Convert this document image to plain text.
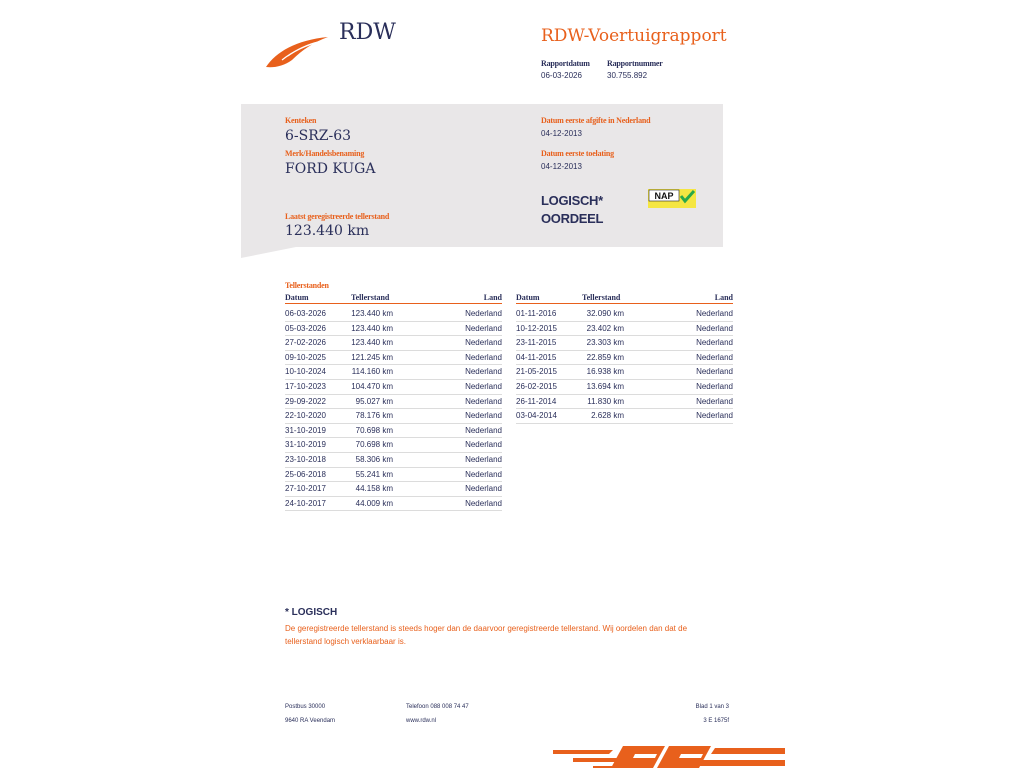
RDW	RDW-Voertuigrapport
Rapportdatum
06-03-2026
Rapportnummer
30.755.892
Kenteken
6-SRZ-63
Merk/Handelsbenaming
FORD KUGA
Laatst geregistreerde tellerstand
123.440 km
Datum eerste afgifte in Nederland
04-12-2013
Datum eerste toelating
04-12-2013
LOGISCH*
OORDEEL
NAP
Tellerstanden
Datum	Tellerstand	Land
06-03-2026	123.440 km	Nederland
05-03-2026	123.440 km	Nederland
27-02-2026	123.440 km	Nederland
09-10-2025	121.245 km	Nederland
10-10-2024	114.160 km	Nederland
17-10-2023	104.470 km	Nederland
29-09-2022	95.027 km	Nederland
22-10-2020	78.176 km	Nederland
31-10-2019	70.698 km	Nederland
31-10-2019	70.698 km	Nederland
23-10-2018	58.306 km	Nederland
25-06-2018	55.241 km	Nederland
27-10-2017	44.158 km	Nederland
24-10-2017	44.009 km	Nederland
Datum	Tellerstand	Land
01-11-2016	32.090 km	Nederland
10-12-2015	23.402 km	Nederland
23-11-2015	23.303 km	Nederland
04-11-2015	22.859 km	Nederland
21-05-2015	16.938 km	Nederland
26-02-2015	13.694 km	Nederland
26-11-2014	11.830 km	Nederland
03-04-2014	2.628 km	Nederland
* LOGISCH
De geregistreerde tellerstand is steeds hoger dan de daarvoor geregistreerde tellerstand. Wij oordelen dan dat de tellerstand logisch verklaarbaar is.
Postbus 30000
9640 RA Veendam
Telefoon 088 008 74 47
www.rdw.nl
Blad 1 van 3
3 E 1675f
